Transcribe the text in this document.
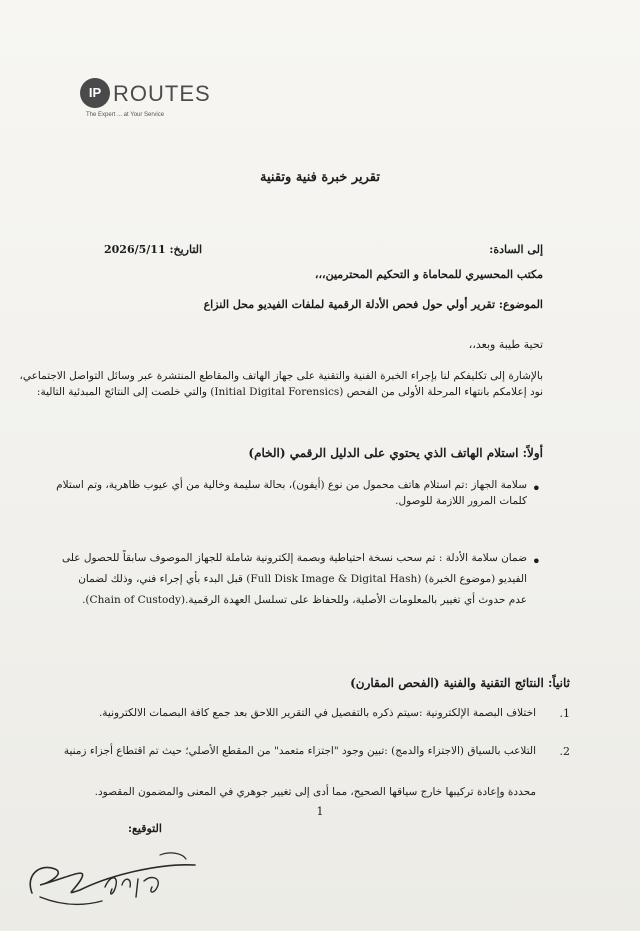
IP ROUTES
The Expert ... at Your Service
تقرير خبرة فنية وتقنية
إلى السادة:
التاريخ: 2026/5/11
مكتب المحسيري للمحاماة و التحكيم المحترمين،،،
الموضوع: تقرير أولي حول فحص الأدلة الرقمية لملفات الفيديو محل النزاع
تحية طيبة وبعد،،
بالإشارة إلى تكليفكم لنا بإجراء الخبرة الفنية والتقنية على جهاز الهاتف والمقاطع المنتشرة عبر وسائل التواصل الاجتماعي،
نود إعلامكم بانتهاء المرحلة الأولى من الفحص (Initial Digital Forensics) والتي خلصت إلى النتائج المبدئية التالية:
أولاً: استلام الهاتف الذي يحتوي على الدليل الرقمي (الخام)
• سلامة الجهاز :تم استلام هاتف محمول من نوع (أيفون)، بحالة سليمة وخالية من أي عيوب ظاهرية، وتم استلام
كلمات المرور اللازمة للوصول.
• ضمان سلامة الأدلة : تم سحب نسخة احتياطية وبصمة إلكترونية شاملة للجهاز الموصوف سابقاً للحصول على
الفيديو (موضوع الخبرة) (Full Disk Image & Digital Hash) قبل البدء بأي إجراء فني، وذلك لضمان
عدم حدوث أي تغيير بالمعلومات الأصلية، وللحفاظ على تسلسل العهدة الرقمية.(Chain of Custody).
ثانياً: النتائج التقنية والفنية (الفحص المقارن)
1.
اختلاف البصمة الإلكترونية :سيتم ذكره بالتفصيل في التقرير اللاحق بعد جمع كافة البصمات الالكترونية.
2.
التلاعب بالسياق (الاجتزاء والدمج) :تبين وجود "اجتزاء متعمد" من المقطع الأصلي؛ حيث تم اقتطاع أجزاء زمنية
محددة وإعادة تركيبها خارج سياقها الصحيح، مما أدى إلى تغيير جوهري في المعنى والمضمون المقصود.
1
التوقيع:
